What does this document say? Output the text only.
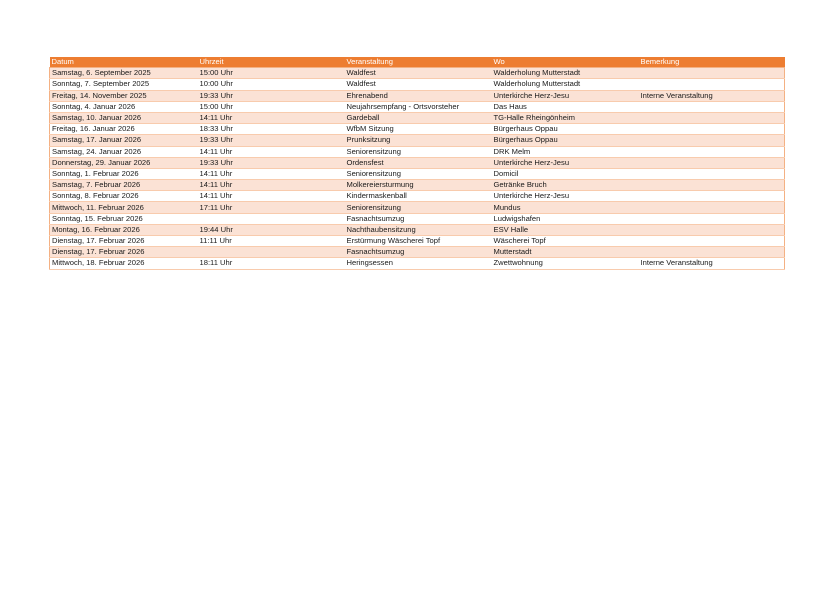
Datum	Uhrzeit	Veranstaltung	Wo	Bemerkung
Samstag, 6. September 2025	15:00 Uhr	Waldfest	Walderholung Mutterstadt	
Sonntag, 7. September 2025	10:00 Uhr	Waldfest	Walderholung Mutterstadt	
Freitag, 14. November 2025	19:33 Uhr	Ehrenabend	Unterkirche Herz-Jesu	Interne Veranstaltung
Sonntag, 4. Januar 2026	15:00 Uhr	Neujahrsempfang - Ortsvorsteher	Das Haus	
Samstag, 10. Januar 2026	14:11 Uhr	Gardeball	TG-Halle Rheingönheim	
Freitag, 16. Januar 2026	18:33 Uhr	WfbM Sitzung	Bürgerhaus Oppau	
Samstag, 17. Januar 2026	19:33 Uhr	Prunksitzung	Bürgerhaus Oppau	
Samstag, 24. Januar 2026	14:11 Uhr	Seniorensitzung	DRK Melm	
Donnerstag, 29. Januar 2026	19:33 Uhr	Ordensfest	Unterkirche Herz-Jesu	
Sonntag, 1. Februar 2026	14:11 Uhr	Seniorensitzung	Domicil	
Samstag, 7. Februar 2026	14:11 Uhr	Molkereiersturmung	Getränke Bruch	
Sonntag, 8. Februar 2026	14:11 Uhr	Kindermaskenball	Unterkirche Herz-Jesu	
Mittwoch, 11. Februar 2026	17:11 Uhr	Seniorensitzung	Mundus	
Sonntag, 15. Februar 2026		Fasnachtsumzug	Ludwigshafen	
Montag, 16. Februar 2026	19:44 Uhr	Nachthaubensitzung	ESV Halle	
Dienstag, 17. Februar 2026	11:11 Uhr	Erstürmung Wäscherei Topf	Wäscherei Topf	
Dienstag, 17. Februar 2026		Fasnachtsumzug	Mutterstadt	
Mittwoch, 18. Februar 2026	18:11 Uhr	Heringsessen	Zwettwohnung	Interne Veranstaltung
